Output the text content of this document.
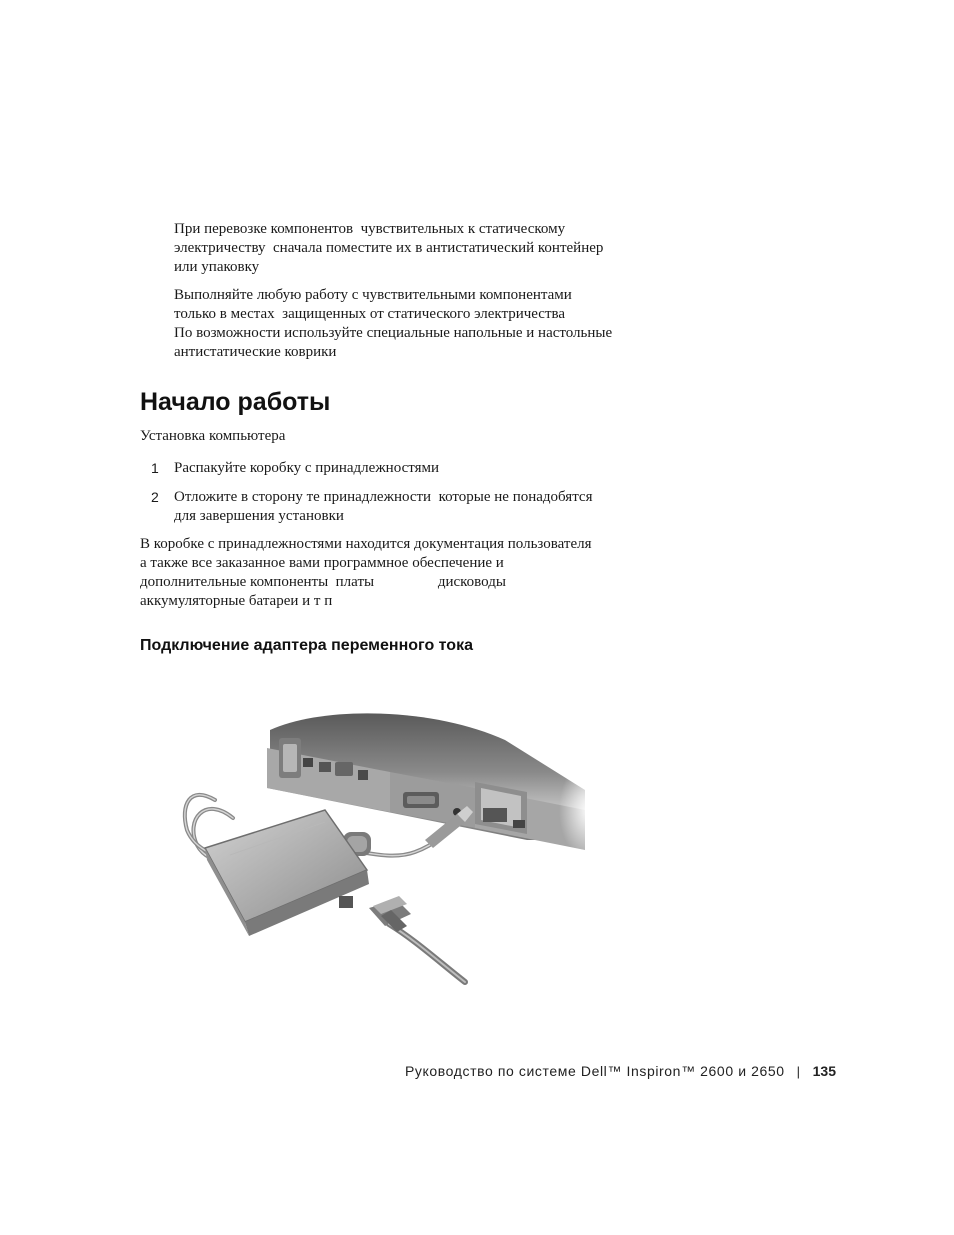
При перевозке компонентов  чувствительных к статическому
электричеству  сначала поместите их в антистатический контейнер
или упаковку
Выполняйте любую работу с чувствительными компонентами
только в местах  защищенных от статического электричества
По возможности используйте специальные напольные и настольные
антистатические коврики
Начало работы
Установка компьютера
1 Распакуйте коробку с принадлежностями
2 Отложите в сторону те принадлежности  которые не понадобятся
для завершения установки
В коробке с принадлежностями находится документация пользователя
а также все заказанное вами программное обеспечение и
дополнительные компоненты  платы                 дисководы
аккумуляторные батареи и т п
Подключение адаптера переменного тока
Руководство по системе Dell™ Inspiron™ 2600 и 2650 | 135
